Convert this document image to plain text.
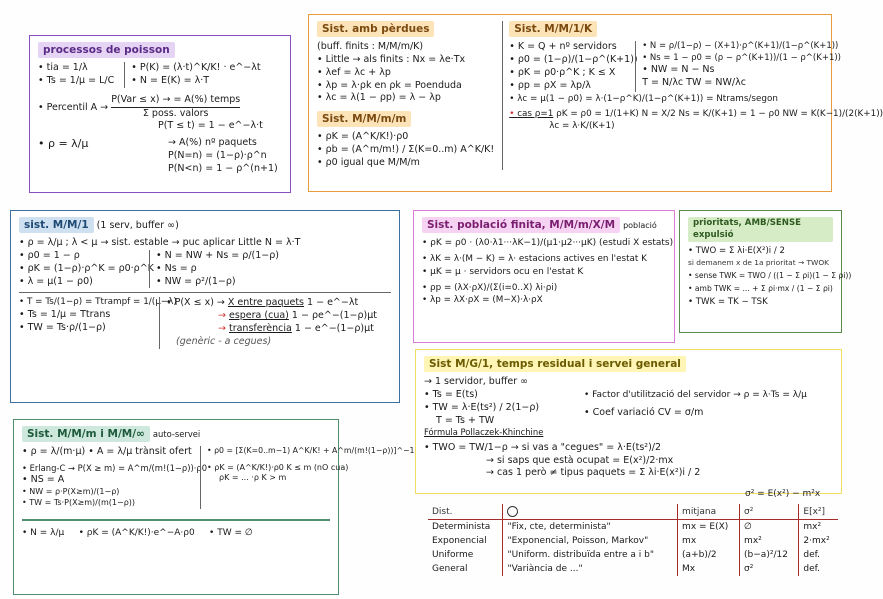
processos de poisson
• tia = 1/λ
• Ts = 1/μ = L/C
• P(K) = (λ·t)^K/K! · e^−λt
• N = E(K) = λ·T
• Percentil A →
P(Var ≤ x) → = A(%) temps
Σ poss. valors
P(T ≤ t) = 1 − e^−λ·t
• ρ = λ/μ	→ A(%) nº paquets
P(N=n) = (1−ρ)·ρ^n
P(N<n) = 1 − ρ^(n+1)
Sist. amb pèrdues
(buff. finits : M/M/m/K)
• Little → als finits : Nx = λe·Tx
• λef = λc + λp
• λp = λ·ρk en ρk = Poenduda
• λc = λ(1 − ρp) = λ − λp
Sist. M/M/m/m
• ρK = (A^K/K!)·ρ0
• ρb = (A^m/m!) / Σ(K=0..m) A^K/K!
• ρ0 igual que M/M/m
Sist. M/M/1/K
• K = Q + nº servidors
• ρ0 = (1−ρ)/(1−ρ^(K+1))
• ρK = ρ0·ρ^K ; K ≤ X
• ρp = ρX = λp/λ
• N = ρ/(1−ρ) − (X+1)·ρ^(K+1)/(1−ρ^(K+1))
• Ns = 1 − ρ0 = (ρ − ρ^(K+1))/(1 − ρ^(K+1))
• NW = N − Ns
T = N/λc TW = NW/λc
• λc = μ(1 − ρ0) = λ·(1−ρ^K)/(1−ρ^(K+1)) = Ntrams/segon
• cas ρ=1 ρK = ρ0 = 1/(1+K) N = X/2 Ns = K/(K+1) = 1 − ρ0 NW = K(K−1)/(2(K+1))
λc = λ·K/(K+1)
sist. M/M/1 (1 serv, buffer ∞)
• ρ = λ/μ ; λ < μ → sist. estable → puc aplicar Little N = λ·T
• ρ0 = 1 − ρ
• ρK = (1−ρ)·ρ^K = ρ0·ρ^K
• λ = μ(1 − ρ0)
• N = NW + Ns = ρ/(1−ρ)
• Ns = ρ
• NW = ρ²/(1−ρ)
• T = Ts/(1−ρ) = Ttrampf = 1/(μ−λ)
• Ts = 1/μ = Ttrans
• TW = Ts·ρ/(1−ρ)
• P(X ≤ x) → X entre paquets 1 − e^−λt
→ espera (cua) 1 − ρe^−(1−ρ)μt
→ transferència 1 − e^−(1−ρ)μt
(genèric - a cegues)
Sist. població finita, M/M/m/X/M població
• ρK = ρ0 · (λ0·λ1···λK−1)/(μ1·μ2···μK) (estudi X estats)
• λK = λ·(M − K) = λ· estacions actives en l'estat K
• μK = μ · servidors ocu en l'estat K
• ρp = (λX·ρX)/(Σ(i=0..X) λi·ρi)
• λp = λX·ρX = (M−X)·λ·ρX
prioritats, AMB/SENSE expulsió
• TWO = Σ λi·E(X²)i / 2
si demanem x de 1a prioritat → TWOK
• sense TWK = TWO / ((1 − Σ ρi)(1 − Σ ρi))
• amb TWK = ... + Σ ρi·mx / (1 − Σ ρi)
• TWK = TK − TSK
Sist M/G/1, temps residual i servei general
→ 1 servidor, buffer ∞
• Ts = E(ts)
• TW = λ·E(ts²) / 2(1−ρ)
T = Ts + TW
Fórmula Pollaczek-Khinchine
• Factor d'utilització del servidor → ρ = λ·Ts = λ/μ
• Coef variació CV = σ/m
• TWO = TW/1−ρ → si vas a "cegues" = λ·E(ts²)/2
→ si saps que està ocupat = E(x²)/2·mx
→ cas 1 però ≠ tipus paquets = Σ λi·E(x²)i / 2
Sist. M/M/m i M/M/∞ auto-servei
• ρ = λ/(m·μ) • A = λ/μ trànsit ofert
• Erlang-C → P(X ≥ m) = A^m/(m!(1−ρ))·ρ0
• NS = A
• NW = ρ·P(X≥m)/(1−ρ)
• TW = Ts·P(X≥m)/(m(1−ρ))
• ρ0 = [Σ(K=0..m−1) A^K/K! + A^m/(m!(1−ρ))]^−1
• ρK = (A^K/K!)·ρ0 K ≤ m (nO cua)
ρK = ... ·ρ K > m
• N = λ/μ • ρK = (A^K/K!)·e^−A·ρ0 • TW = ∅
σ² = E(x²) − m²x
Dist.		mitjana	σ²	E[x²]
Determinista	"Fix, cte, determinista"	mx = E(X)	∅	mx²
Exponencial	"Exponencial, Poisson, Markov"	mx	mx²	2·mx²
Uniforme	"Uniform. distribuïda entre a i b"	(a+b)/2	(b−a)²/12	def.
General	"Variància de ..."	Mx	σ²	def.
